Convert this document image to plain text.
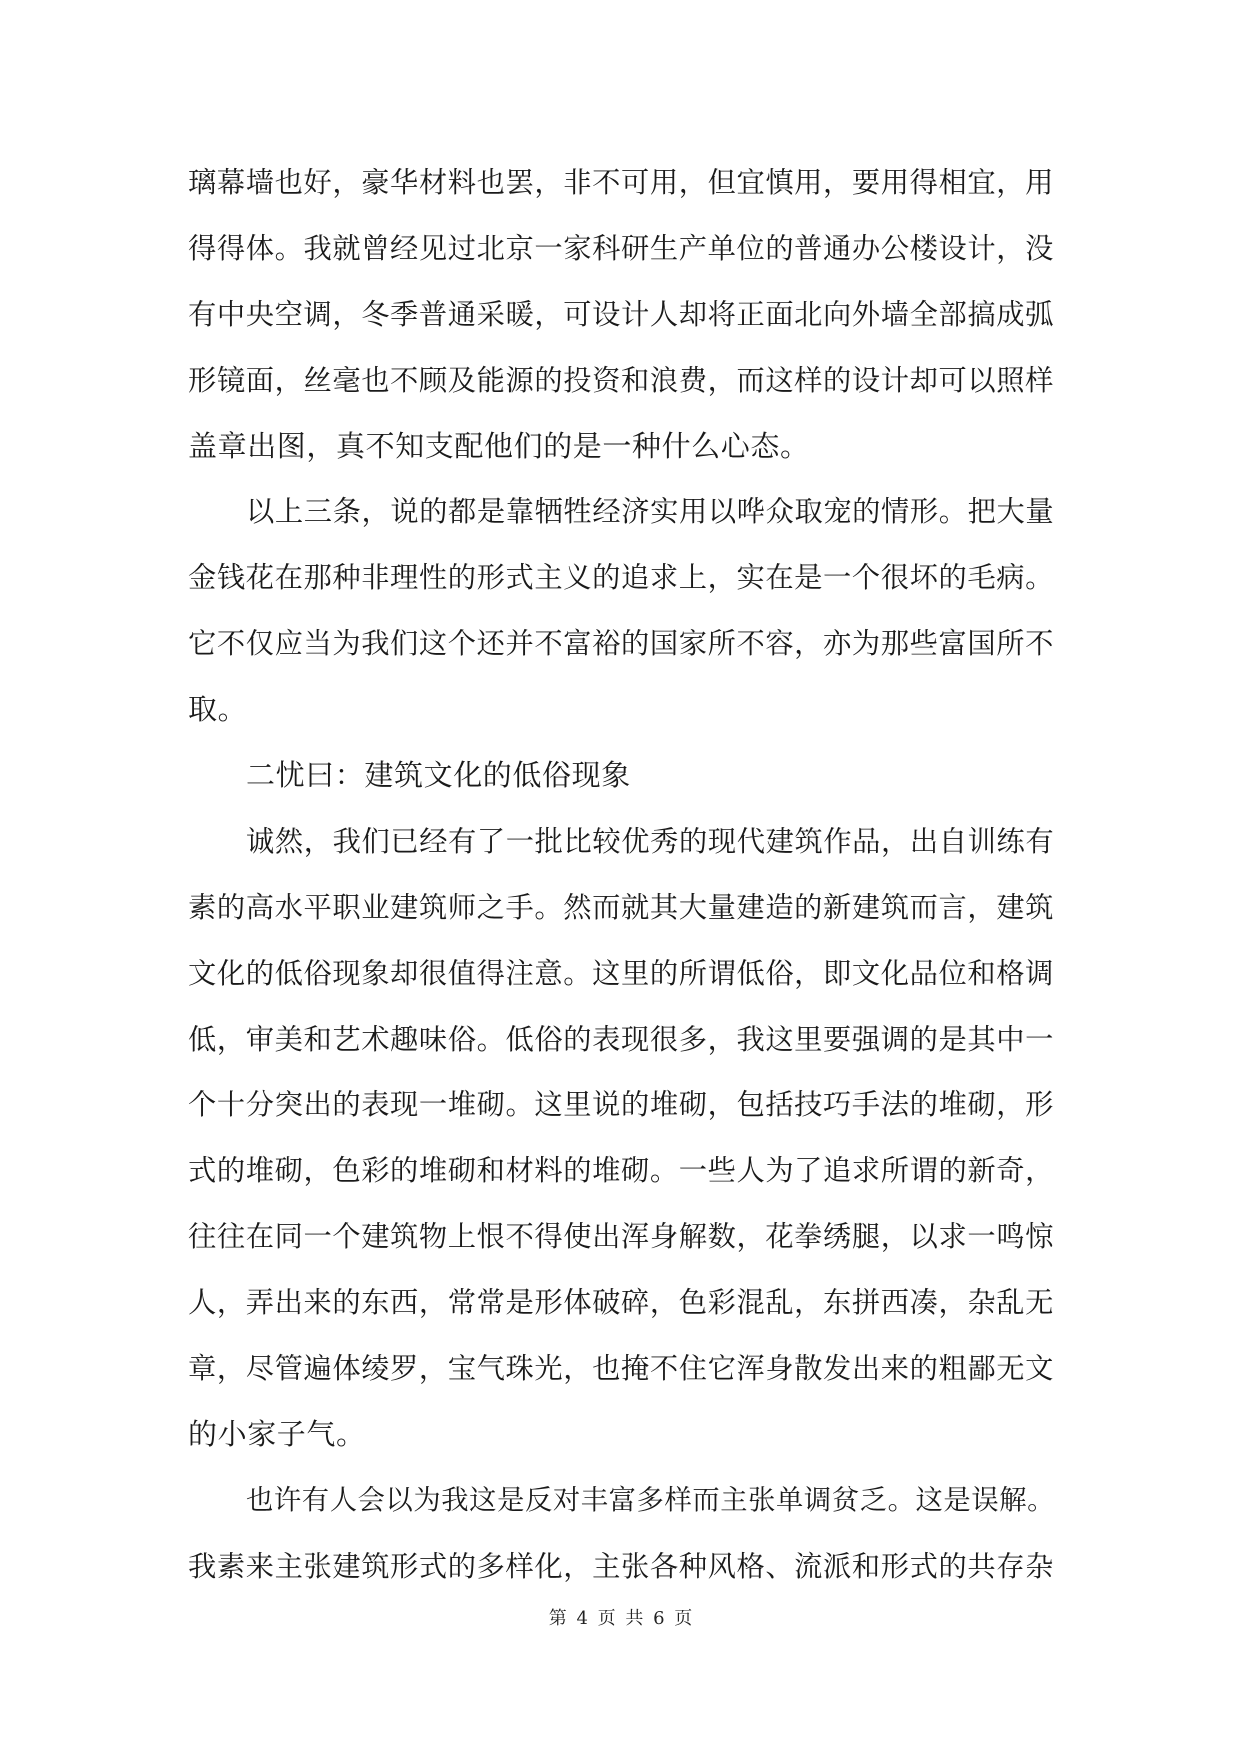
璃幕墙也好，豪华材料也罢，非不可用，但宜慎用，要用得相宜，用
得得体。我就曾经见过北京一家科研生产单位的普通办公楼设计，没
有中央空调，冬季普通采暖，可设计人却将正面北向外墙全部搞成弧
形镜面，丝毫也不顾及能源的投资和浪费，而这样的设计却可以照样
盖章出图，真不知支配他们的是一种什么心态。
以上三条，说的都是靠牺牲经济实用以哗众取宠的情形。把大量
金钱花在那种非理性的形式主义的追求上，实在是一个很坏的毛病。
它不仅应当为我们这个还并不富裕的国家所不容，亦为那些富国所不
取。
二忧曰：建筑文化的低俗现象
诚然，我们已经有了一批比较优秀的现代建筑作品，出自训练有
素的高水平职业建筑师之手。然而就其大量建造的新建筑而言，建筑
文化的低俗现象却很值得注意。这里的所谓低俗，即文化品位和格调
低，审美和艺术趣味俗。低俗的表现很多，我这里要强调的是其中一
个十分突出的表现一堆砌。这里说的堆砌，包括技巧手法的堆砌，形
式的堆砌，色彩的堆砌和材料的堆砌。一些人为了追求所谓的新奇，
往往在同一个建筑物上恨不得使出浑身解数，花拳绣腿，以求一鸣惊
人，弄出来的东西，常常是形体破碎，色彩混乱，东拼西凑，杂乱无
章，尽管遍体绫罗，宝气珠光，也掩不住它浑身散发出来的粗鄙无文
的小家子气。
也许有人会以为我这是反对丰富多样而主张单调贫乏。这是误解。
我素来主张建筑形式的多样化，主张各种风格、流派和形式的共存杂
第 4 页 共 6 页
